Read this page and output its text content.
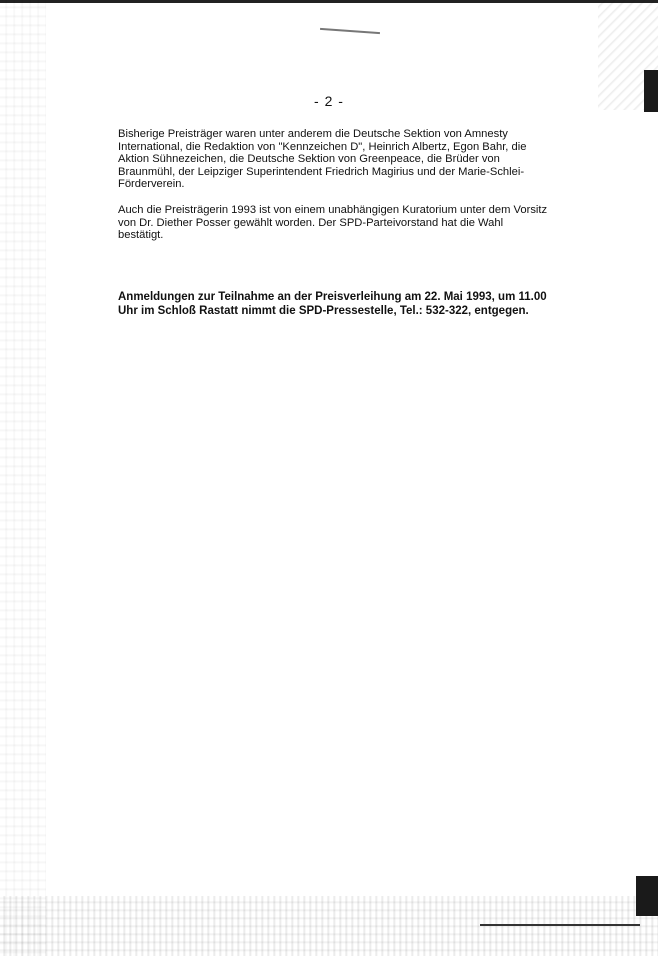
- 2 -

Bisherige Preisträger waren unter anderem die Deutsche Sektion von Amnesty International, die Redaktion von "Kennzeichen D", Heinrich Albertz, Egon Bahr, die Aktion Sühnezeichen, die Deutsche Sektion von Greenpeace, die Brüder von Braunmühl, der Leipziger Superintendent Friedrich Magirius und der Marie-Schlei-Förderverein.

Auch die Preisträgerin 1993 ist von einem unabhängigen Kuratorium unter dem Vorsitz von Dr. Diether Posser gewählt worden. Der SPD-Parteivorstand hat die Wahl bestätigt.

Anmeldungen zur Teilnahme an der Preisverleihung am 22. Mai 1993, um 11.00 Uhr im Schloß Rastatt nimmt die SPD-Pressestelle, Tel.: 532-322, entgegen.
